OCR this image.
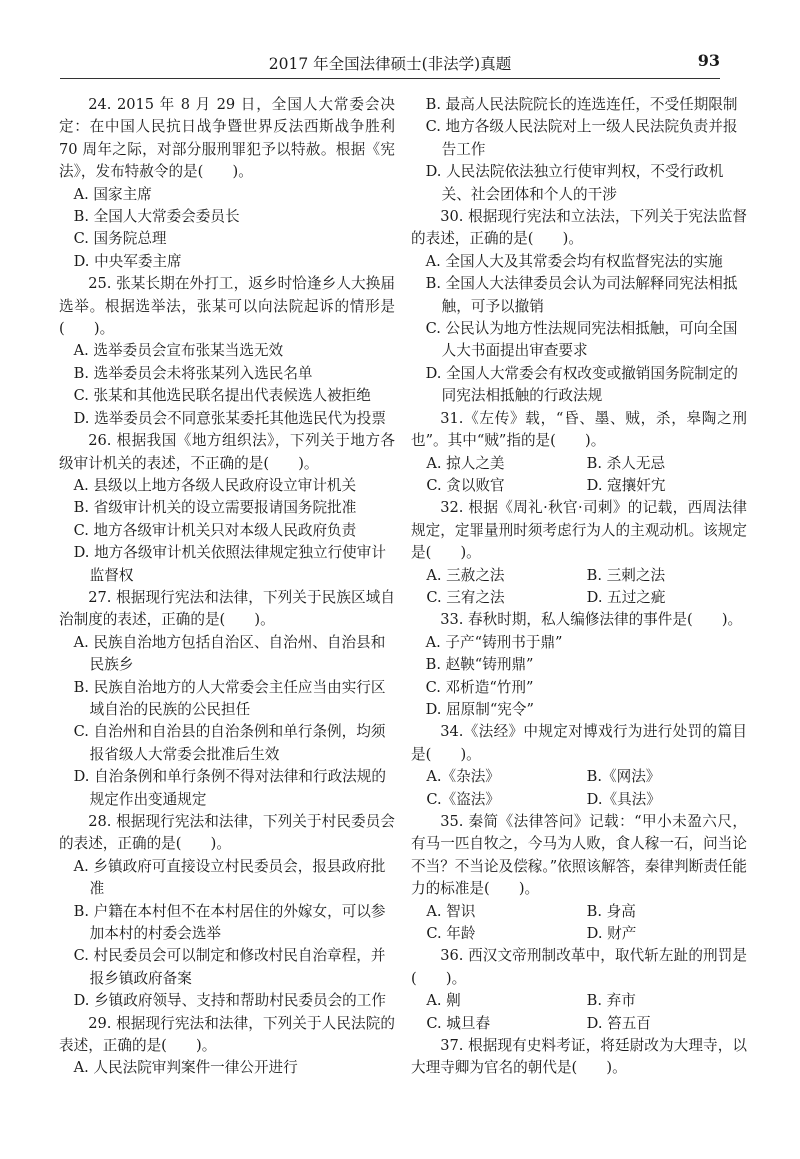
2017 年全国法律硕士(非法学)真题	93

24. 2015 年 8 月 29 日，全国人大常委会决定：在中国人民抗日战争暨世界反法西斯战争胜利 70 周年之际，对部分服刑罪犯予以特赦。根据《宪法》，发布特赦令的是(　　)。

A. 国家主席

B. 全国人大常委会委员长

C. 国务院总理

D. 中央军委主席

25. 张某长期在外打工，返乡时恰逢乡人大换届选举。根据选举法，张某可以向法院起诉的情形是(　　)。

A. 选举委员会宣布张某当选无效

B. 选举委员会未将张某列入选民名单

C. 张某和其他选民联名提出代表候选人被拒绝

D. 选举委员会不同意张某委托其他选民代为投票

26. 根据我国《地方组织法》，下列关于地方各级审计机关的表述，不正确的是(　　)。

A. 县级以上地方各级人民政府设立审计机关

B. 省级审计机关的设立需要报请国务院批准

C. 地方各级审计机关只对本级人民政府负责

D. 地方各级审计机关依照法律规定独立行使审计监督权

27. 根据现行宪法和法律，下列关于民族区域自治制度的表述，正确的是(　　)。

A. 民族自治地方包括自治区、自治州、自治县和民族乡

B. 民族自治地方的人大常委会主任应当由实行区域自治的民族的公民担任

C. 自治州和自治县的自治条例和单行条例，均须报省级人大常委会批准后生效

D. 自治条例和单行条例不得对法律和行政法规的规定作出变通规定

28. 根据现行宪法和法律，下列关于村民委员会的表述，正确的是(　　)。

A. 乡镇政府可直接设立村民委员会，报县政府批准

B. 户籍在本村但不在本村居住的外嫁女，可以参加本村的村委会选举

C. 村民委员会可以制定和修改村民自治章程，并报乡镇政府备案

D. 乡镇政府领导、支持和帮助村民委员会的工作

29. 根据现行宪法和法律，下列关于人民法院的表述，正确的是(　　)。

A. 人民法院审判案件一律公开进行

B. 最高人民法院院长的连选连任，不受任期限制

C. 地方各级人民法院对上一级人民法院负责并报告工作

D. 人民法院依法独立行使审判权，不受行政机关、社会团体和个人的干涉

30. 根据现行宪法和立法法，下列关于宪法监督的表述，正确的是(　　)。

A. 全国人大及其常委会均有权监督宪法的实施

B. 全国人大法律委员会认为司法解释同宪法相抵触，可予以撤销

C. 公民认为地方性法规同宪法相抵触，可向全国人大书面提出审查要求

D. 全国人大常委会有权改变或撤销国务院制定的同宪法相抵触的行政法规

31.《左传》载，“昏、墨、贼，杀，皋陶之刑也”。其中“贼”指的是(　　)。

A. 掠人之美	B. 杀人无忌
C. 贪以败官	D. 寇攘奸宄

32. 根据《周礼·秋官·司刺》的记载，西周法律规定，定罪量刑时须考虑行为人的主观动机。该规定是(　　)。

A. 三赦之法	B. 三刺之法
C. 三宥之法	D. 五过之疵

33. 春秋时期，私人编修法律的事件是(　　)。

A. 子产“铸刑书于鼎”

B. 赵鞅“铸刑鼎”

C. 邓析造“竹刑”

D. 屈原制“宪令”

34.《法经》中规定对博戏行为进行处罚的篇目是(　　)。

A.《杂法》	B.《网法》
C.《盗法》	D.《具法》

35. 秦简《法律答问》记载：“甲小未盈六尺，有马一匹自牧之，今马为人败，食人稼一石，问当论不当？不当论及偿稼。”依照该解答，秦律判断责任能力的标准是(　　)。

A. 智识	B. 身高
C. 年龄	D. 财产

36. 西汉文帝刑制改革中，取代斩左趾的刑罚是(　　)。

A. 劓	B. 弃市
C. 城旦舂	D. 笞五百

37. 根据现有史料考证，将廷尉改为大理寺，以大理寺卿为官名的朝代是(　　)。
